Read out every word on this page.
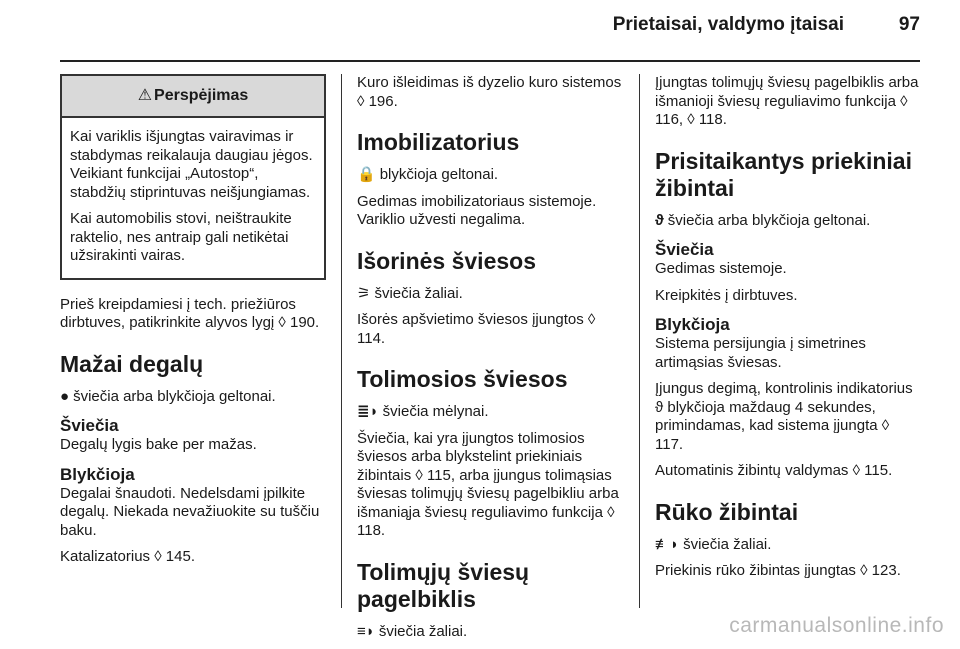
Prietaisai, valdymo įtaisai	97
⚠ Perspėjimas

Kai variklis išjungtas vairavimas ir stabdymas reikalauja daugiau jėgos. Veikiant funkcijai „Autostop“, stabdžių stiprintuvas neišjungiamas.

Kai automobilis stovi, neištraukite raktelio, nes antraip gali netikėtai užsirakinti vairas.

Prieš kreipdamiesi į tech. priežiūros dirbtuves, patikrinkite alyvos lygį ◊ 190.

Mažai degalų

● šviečia arba blykčioja geltonai.

Šviečia

Degalų lygis bake per mažas.

Blykčioja

Degalai šnaudoti. Nedelsdami įpilkite degalų. Niekada nevažiuokite su tuščiu baku.

Katalizatorius ◊ 145.

Kuro išleidimas iš dyzelio kuro sistemos ◊ 196.

Imobilizatorius

🔒 blykčioja geltonai.

Gedimas imobilizatoriaus sistemoje. Variklio užvesti negalima.

Išorinės šviesos

⚞ šviečia žaliai.

Išorės apšvietimo šviesos įjungtos ◊ 114.

Tolimosios šviesos

≣◗ šviečia mėlynai.

Šviečia, kai yra įjungtos tolimosios šviesos arba blykstelint priekiniais žibintais ◊ 115, arba įjungus tolimąsias šviesas tolimųjų šviesų pagelbikliu arba išmaniąja šviesų reguliavimo funkcija ◊ 118.

Tolimųjų šviesų pagelbiklis

≡◗ šviečia žaliai.

Įjungtas tolimųjų šviesų pagelbiklis arba išmanioji šviesų reguliavimo funkcija ◊ 116, ◊ 118.

Prisitaikantys priekiniai žibintai

ϑ šviečia arba blykčioja geltonai.

Šviečia

Gedimas sistemoje.

Kreipkitės į dirbtuves.

Blykčioja

Sistema persijungia į simetrines artimąsias šviesas.

Įjungus degimą, kontrolinis indikatorius ϑ blykčioja maždaug 4 sekundes, primindamas, kad sistema įjungta ◊ 117.

Automatinis žibintų valdymas ◊ 115.

Rūko žibintai

≢◗ šviečia žaliai.

Priekinis rūko žibintas įjungtas ◊ 123.

carmanualsonline.info
